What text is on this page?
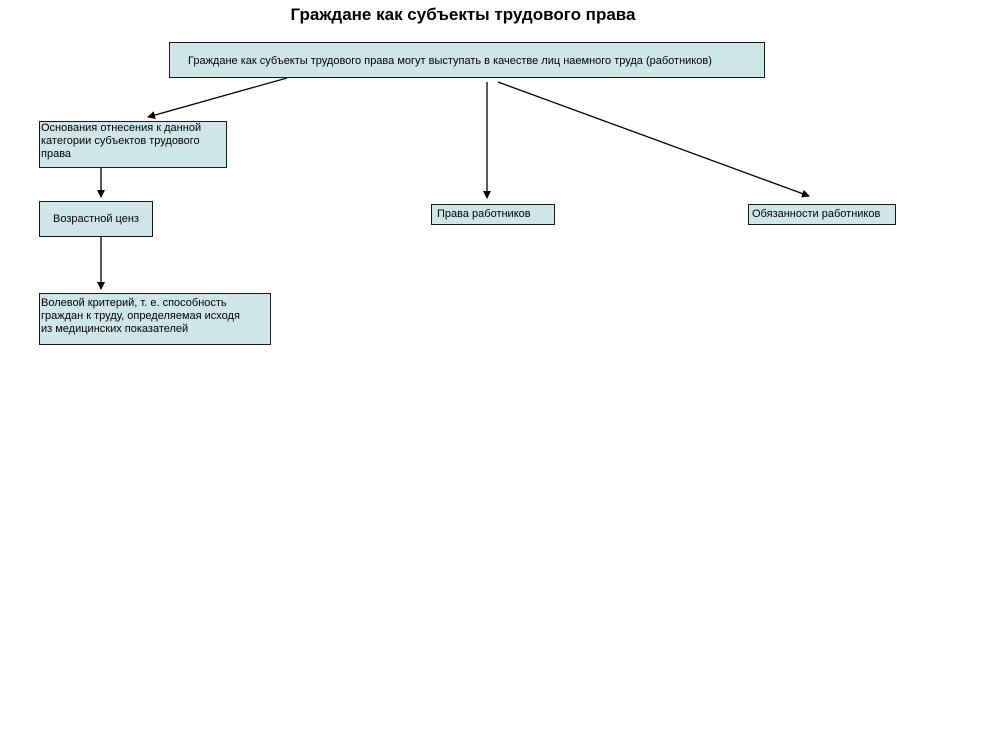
Граждане как субъекты трудового права
Граждане как субъекты трудового права могут выступать в качестве лиц наемного труда (работников)
Основания отнесения к данной
категории субъектов трудового
права
Возрастной ценз
Волевой критерий, т. е. способность
граждан к труду, определяемая исходя
из медицинских показателей
Права работников	Обязанности работников
